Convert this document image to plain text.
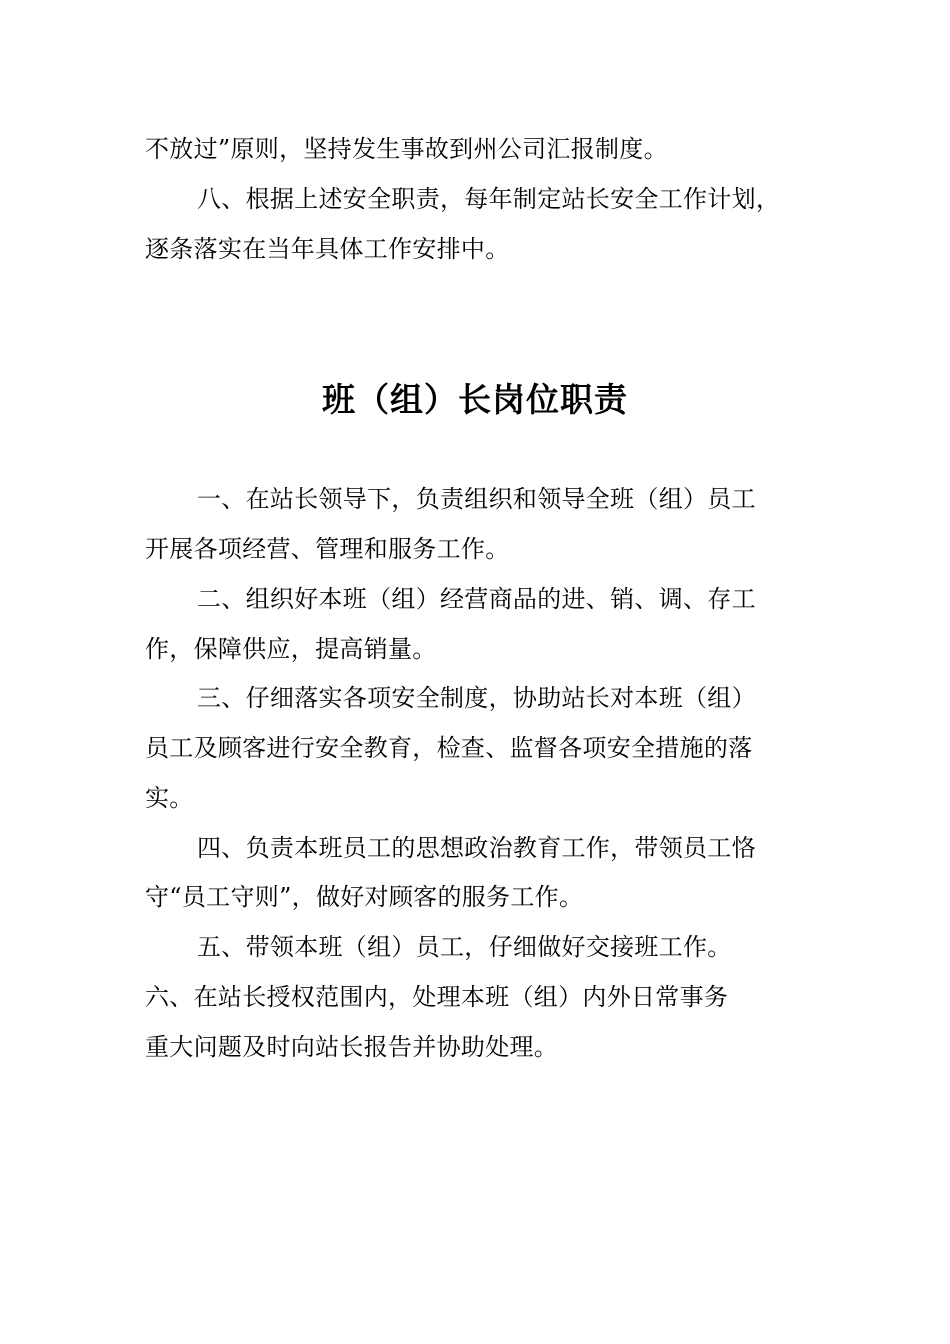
不放过”原则，坚持发生事故到州公司汇报制度。
八、根据上述安全职责，每年制定站长安全工作计划，
逐条落实在当年具体工作安排中。
班（组）长岗位职责
一、在站长领导下，负责组织和领导全班（组）员工
开展各项经营、管理和服务工作。
二、组织好本班（组）经营商品的进、销、调、存工
作，保障供应，提高销量。
三、仔细落实各项安全制度，协助站长对本班（组）
员工及顾客进行安全教育，检查、监督各项安全措施的落
实。
四、负责本班员工的思想政治教育工作，带领员工恪
守“员工守则”，做好对顾客的服务工作。
五、带领本班（组）员工，仔细做好交接班工作。
六、在站长授权范围内，处理本班（组）内外日常事务
重大问题及时向站长报告并协助处理。
